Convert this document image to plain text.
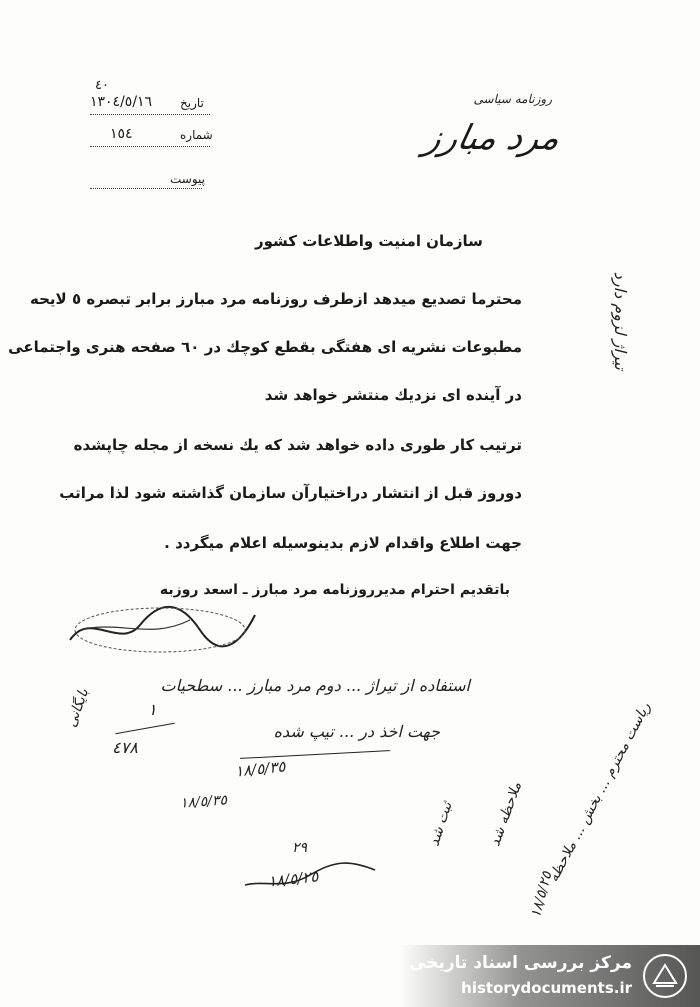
روزنامه سیاسی
مرد مبارز
٤٠
تاریخ
١٣٠٤/٥/١٦
شماره
١٥٤
پیوست
سازمان امنیت واطلاعات کشور
محترما تصدیع میدهد ازطرف روزنامه مرد مبارز برابر تبصره ٥ لایحه
مطبوعات نشریه ای هفتگی بقطع کوچك در ٦٠ صفحه هنری واجتماعی
در آینده ای نزدیك منتشر خواهد شد
ترتیب کار طوری داده خواهد شد که یك نسخه از مجله چاپشده
دوروز قبل از انتشار دراختیارآن سازمان گذاشته شود لذا مراتب
جهت اطلاع واقدام لازم بدینوسیله اعلام میگردد .
باتقدیم احترام مدیرروزنامه مرد مبارز ـ اسعد روزبه
تیراژ لزوم دارد
استفاده از تیراژ ... دوم مرد مبارز ... سطحیات
جهت اخذ در ... تیپ شده
١٨/٥/٣٥
١٨/٥/٣٥
١
٤٧٨
بایگانی
٢٩
١٨/٥/٢٥	ریاست محترم ... بخش ... ملاحظه
ملاحظه شد
ثبت شد
١٨/٥/٢٥
مرکز بررسی اسناد تاریخی
historydocuments.ir
